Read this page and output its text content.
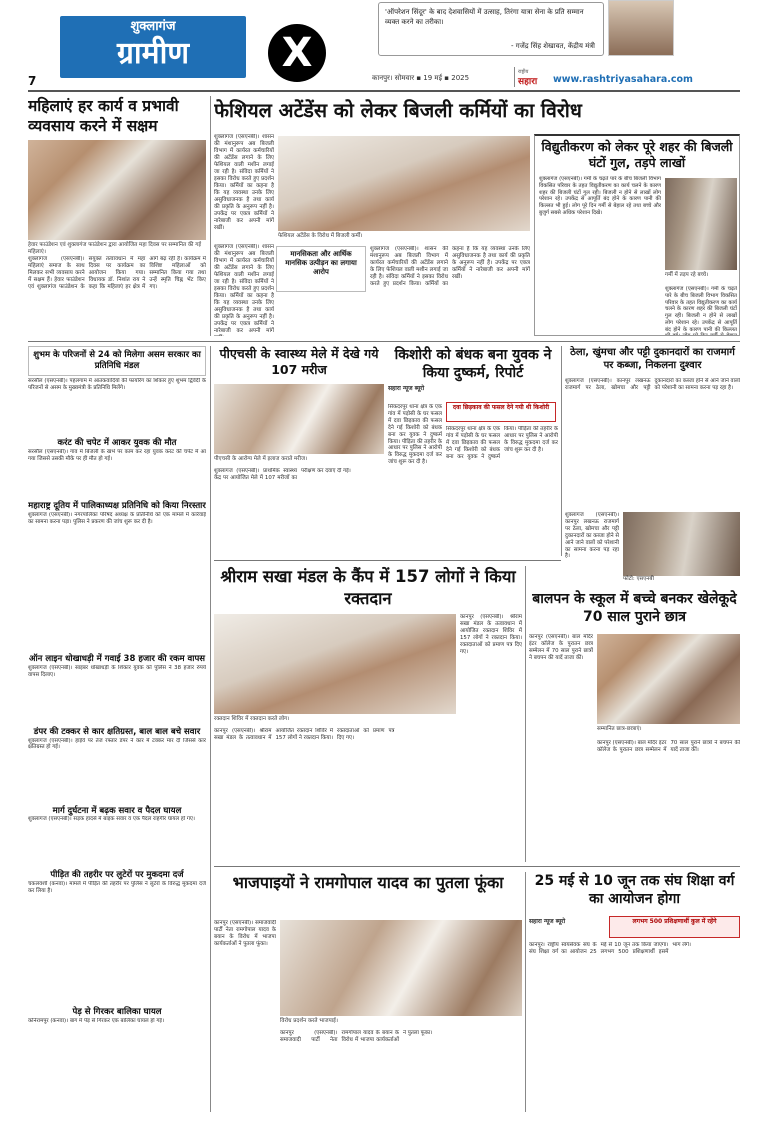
शुक्लागंज
ग्रामीण
7
X
'ऑपरेशन सिंदूर' के बाद देशवासियों में उत्साह, तिरंगा यात्रा सेना के प्रति सम्मान व्यक्त करने का तरीका।
- गजेंद्र सिंह शेखावत, केंद्रीय मंत्री
कानपुर। सोमवार ▪ 19 मई ▪ 2025
राष्ट्रीय
सहारा	www.rashtriyasahara.com
महिलाएं हर कार्य व प्रभावी व्यवसाय करने में सक्षम
हेवार फाउंडेशन एवं शुक्लागंज फाउंडेशन द्वारा आयोजित महा दिवस पर सम्मानित की गई महिलाएं।
शुक्लागंज (एसएनबी)। महिलाएं समाज के साथ मिलकर सभी व्यवसाय करने में सक्षम हैं। हेवार फाउंडेशन एवं शुक्लागंज फाउंडेशन के संयुक्त तत्वावधान में महा दिवस पर कार्यक्रम का आयोजन किया गया। विधायक डॉ. निशांत राय ने कहा कि महिलाएं हर क्षेत्र में आगे बढ़ रही हैं। कार्यक्रम में विशिष्ट महिलाओं को सम्मानित किया गया तथा उन्हें स्मृति चिह्न भेंट किए गए।
फेशियल अटेंडेंस को लेकर बिजली कर्मियों का विरोध
शुक्लागंज (एसएनबी)। शासन की मंशानुरूप अब बिजली विभाग में कार्यरत कर्मचारियों की अटेंडेंस लगाने के लिए फेशियल वाली मशीन लगाई जा रही है। संविदा कर्मियों ने इसका विरोध करते हुए प्रदर्शन किया। कर्मियों का कहना है कि यह व्यवस्था उनके लिए असुविधाजनक है तथा कार्य की प्रकृति के अनुरूप नहीं है। उपकेंद्र पर एकत्र कर्मियों ने नारेबाजी कर अपनी मांगें रखीं।
फेशियल अटेंडेंस के विरोध में बिजली कर्मी।
मानसिकता और आर्थिक मानसिक उत्पीड़न का लगाया आरोप
शुक्लागंज (एसएनबी)। शासन की मंशानुरूप अब बिजली विभाग में कार्यरत कर्मचारियों की अटेंडेंस लगाने के लिए फेशियल वाली मशीन लगाई जा रही है। संविदा कर्मियों ने इसका विरोध करते हुए प्रदर्शन किया। कर्मियों का कहना है कि यह व्यवस्था उनके लिए असुविधाजनक है तथा कार्य की प्रकृति के अनुरूप नहीं है। उपकेंद्र पर एकत्र कर्मियों ने नारेबाजी कर अपनी मांगें
शुक्लागंज (एसएनबी)। शासन की मंशानुरूप अब बिजली विभाग में कार्यरत कर्मचारियों की अटेंडेंस लगाने के लिए फेशियल वाली मशीन लगाई जा रही है। संविदा कर्मियों ने इसका विरोध करते हुए प्रदर्शन किया। कर्मियों का कहना है कि यह व्यवस्था उनके लिए असुविधाजनक है तथा कार्य की प्रकृति के अनुरूप नहीं है। उपकेंद्र पर एकत्र कर्मियों ने नारेबाजी कर अपनी मांगें रखीं।
विद्युतीकरण को लेकर पूरे शहर की बिजली घंटों गुल, तड़पे लाखों
शुक्लागंज (एसएनबी)। गर्मी के चढ़ते पारे के बीच बिजली विभाग विकसित परिवार के तहत विद्युतीकरण का कार्य चलने के कारण शहर की बिजली घंटों गुल रही। बिजली न होने से लाखों लोग परेशान रहे। उपकेंद्र से आपूर्ति बंद होने के कारण पानी की किल्लत भी हुई। लोग पूरे दिन गर्मी से बेहाल रहे तथा बच्चे और बुजुर्ग सबसे अधिक परेशान दिखे।
गर्मी में तड़प रहे बच्चे।
शुक्लागंज (एसएनबी)। गर्मी के चढ़ते पारे के बीच बिजली विभाग विकसित परिवार के तहत विद्युतीकरण का कार्य चलने के कारण शहर की बिजली घंटों गुल रही। बिजली न होने से लाखों लोग परेशान रहे। उपकेंद्र से आपूर्ति बंद होने के कारण पानी की किल्लत
शुभम के परिजनों से 24 को मिलेगा असम सरकार का प्रतिनिधि मंडल
सरसौल (एसएनबी)। पहलगाम में आतंकवादियों की फायरिंग का शिकार हुए शुभम द्विवेदी के परिजनों से असम के मुख्यमंत्री के प्रतिनिधि मिलेंगे।
करंट की चपेट में आकर युवक की मौत
सरसौल (एसएनबी)। गांव में बिजली के खंभे पर काम कर रहा युवक करंट की चपेट में आ गया जिससे उसकी मौके पर ही मौत हो गई।
महाराष्ट्र दूतिय में पालिकाध्यक्ष प्रतिनिधि को किया निरस्तार
शुक्लागंज (एसएनबी)। नगरपालिका परिषद अध्यक्ष के प्रतिनिधि को एक मामले में कार्रवाई का सामना करना पड़ा। पुलिस ने प्रकरण की जांच शुरू कर दी है।
ऑन लाइन धोखाधड़ी में गवाई 38 हजार की रकम वापस
शुक्लागंज (एसएनबी)। साइबर धोखाधड़ी के शिकार युवक को पुलिस ने 38 हजार रुपये वापस दिलाए।
डंपर की टक्कर से कार क्षतिग्रस्त, बाल बाल बचे सवार
शुक्लागंज (एसएनबी)। हाईवे पर तेज रफ्तार डंपर ने कार में टक्कर मार दी जिससे कार क्षतिग्रस्त हो गई।
मार्ग दुर्घटना में बढ़क सवार व पैदल घायल
शुक्लागंज (एसएनबी)। सड़क हादसे में बाइक सवार व एक पैदल राहगीर घायल हो गए।
पीड़ित की तहरीर पर लुटेरों पर मुकदमा दर्ज
चकलवंशी (कनवा)। मामले में पीड़ित की तहरीर पर पुलिस ने लुटेरों के विरुद्ध मुकदमा दर्ज कर लिया है।
पेड़ से गिरकर बालिका घायल
कनिरामपुर (कनवा)। बाग में पेड़ से गिरकर एक बालिका घायल हो गई।
पीएचसी के स्वास्थ्य मेले में देखे गये 107 मरीज
पीएचसी के आरोग्य मेले में इलाज कराते मरीज।
शुक्लागंज (एसएनबी)। प्राथमिक स्वास्थ्य केंद्र पर आयोजित मेले में 107 मरीजों का परीक्षण कर दवाएं दी गईं।
किशोरी को बंधक बना युवक ने किया दुष्कर्म, रिपोर्ट
सहारा न्यूज ब्यूरो
दवा छिड़काव की फसल देने गयी थी किशोरी
सिकंदरपुर थाना क्षेत्र के एक गांव में पड़ोसी के घर फसल में दवा छिड़काव की फसल देने गई किशोरी को बंधक बना कर युवक ने दुष्कर्म किया। पीड़िता की तहरीर के आधार पर पुलिस ने आरोपी के विरुद्ध मुकदमा दर्ज कर जांच शुरू कर दी है।
सिकंदरपुर थाना क्षेत्र के एक गांव में पड़ोसी के घर फसल में दवा छिड़काव की फसल देने गई किशोरी को बंधक बना कर युवक ने दुष्कर्म किया। पीड़िता की तहरीर के आधार पर पुलिस ने आरोपी के विरुद्ध मुकदमा दर्ज कर जांच शुरू कर दी है।
ठेला, खुंमचा और पट्टी दुकानदारों का राजमार्ग पर कब्जा, निकलना दुश्वार
शुक्लागंज (एसएनबी)। कानपुर लखनऊ राजमार्ग पर ठेला, खोमचा और पट्टी दुकानदारों का कब्जा होने से आने जाने वालों को परेशानी का सामना करना पड़ रहा है।
फोटो: एसएनबी
शुक्लागंज (एसएनबी)। कानपुर लखनऊ राजमार्ग पर ठेला, खोमचा और पट्टी दुकानदारों का कब्जा होने से आने जाने वालों को परेशानी का सामना करना पड़ रहा है।
श्रीराम सखा मंडल के कैंप में 157 लोगों ने किया रक्तदान
रक्तदान शिविर में रक्तदान करते लोग।
कानपुर (एसएनबी)। श्रीराम सखा मंडल के तत्वावधान में आयोजित रक्तदान शिविर में 157 लोगों ने रक्तदान किया। रक्तदाताओं को प्रमाण पत्र दिए गए।
कानपुर (एसएनबी)। श्रीराम सखा मंडल के तत्वावधान में आयोजित रक्तदान शिविर में 157 लोगों ने रक्तदान किया। रक्तदाताओं को प्रमाण पत्र दिए गए।
बालपन के स्कूल में बच्चे बनकर खेलेकूदे 70 साल पुराने छात्र
कानपुर (एसएनबी)। बाल मंदिर इंटर कॉलेज के पुरातन छात्र सम्मेलन में 70 साल पुराने छात्रों ने बचपन की यादें ताजा कीं।
सम्मानित छात्र-छात्राएं।
कानपुर (एसएनबी)। बाल मंदिर इंटर कॉलेज के पुरातन छात्र सम्मेलन में 70 साल पुराने छात्रों ने बचपन की यादें ताजा कीं।
भाजपाइयों ने रामगोपाल यादव का पुतला फूंका
कानपुर (एसएनबी)। समाजवादी पार्टी नेता रामगोपाल यादव के बयान के विरोध में भाजपा कार्यकर्ताओं ने पुतला फूंका।
विरोध प्रदर्शन करते भाजपाई।
कानपुर (एसएनबी)। समाजवादी पार्टी नेता रामगोपाल यादव के बयान के विरोध में भाजपा कार्यकर्ताओं ने पुतला फूंका।
25 मई से 10 जून तक संघ शिक्षा वर्ग का आयोजन होगा
लगभग 500 प्रशिक्षणार्थी कुल में रहेंगे
सहारा न्यूज ब्यूरो
कानपुर। राष्ट्रीय स्वयंसेवक संघ के संघ शिक्षा वर्ग का आयोजन 25 मई से 10 जून तक किया जाएगा। लगभग 500 प्रशिक्षणार्थी इसमें भाग लेंगे।
